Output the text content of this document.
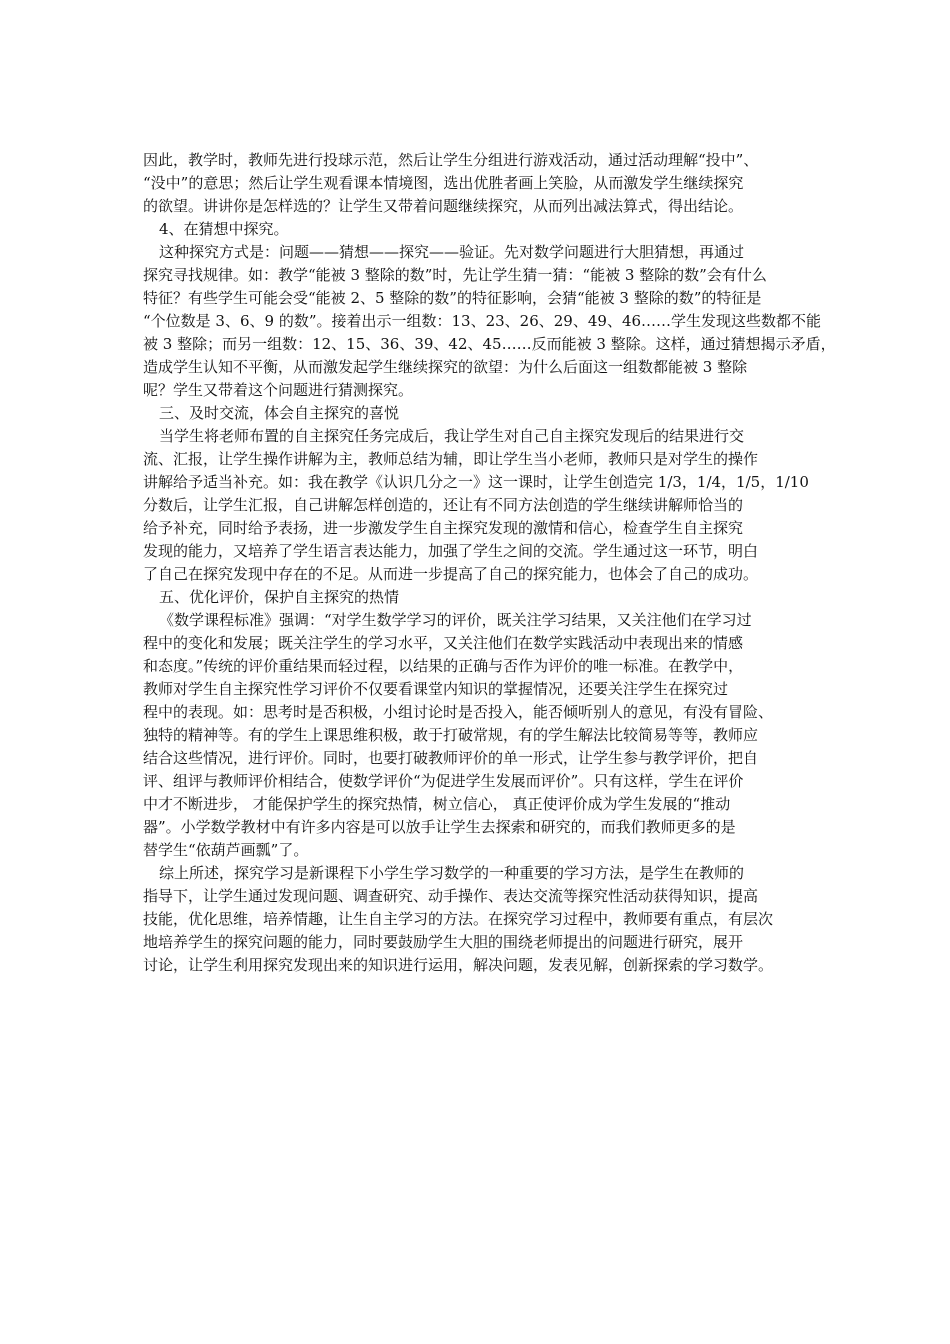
因此，教学时，教师先进行投球示范，然后让学生分组进行游戏活动，通过活动理解“投中”、
“没中”的意思；然后让学生观看课本情境图，选出优胜者画上笑脸，从而激发学生继续探究
的欲望。讲讲你是怎样选的？让学生又带着问题继续探究，从而列出减法算式，得出结论。
4、在猜想中探究。
这种探究方式是：问题——猜想——探究——验证。先对数学问题进行大胆猜想，再通过
探究寻找规律。如：教学“能被 3 整除的数”时，先让学生猜一猜：“能被 3 整除的数”会有什么
特征？有些学生可能会受“能被 2、5 整除的数”的特征影响，会猜“能被 3 整除的数”的特征是
“个位数是 3、6、9 的数”。接着出示一组数：13、23、26、29、49、46……学生发现这些数都不能
被 3 整除；而另一组数：12、15、36、39、42、45……反而能被 3 整除。这样，通过猜想揭示矛盾，
造成学生认知不平衡，从而激发起学生继续探究的欲望：为什么后面这一组数都能被 3 整除
呢？学生又带着这个问题进行猜测探究。
三、及时交流，体会自主探究的喜悦
当学生将老师布置的自主探究任务完成后，我让学生对自己自主探究发现后的结果进行交
流、汇报，让学生操作讲解为主，教师总结为辅，即让学生当小老师，教师只是对学生的操作
讲解给予适当补充。如：我在教学《认识几分之一》这一课时，让学生创造完 1/3，1/4，1/5，1/10
分数后，让学生汇报，自己讲解怎样创造的，还让有不同方法创造的学生继续讲解师恰当的
给予补充，同时给予表扬，进一步激发学生自主探究发现的激情和信心，检查学生自主探究
发现的能力，又培养了学生语言表达能力，加强了学生之间的交流。学生通过这一环节，明白
了自己在探究发现中存在的不足。从而进一步提高了自己的探究能力，也体会了自己的成功。
五、优化评价，保护自主探究的热情
《数学课程标准》强调：“对学生数学学习的评价，既关注学习结果，又关注他们在学习过
程中的变化和发展；既关注学生的学习水平，又关注他们在数学实践活动中表现出来的情感
和态度。”传统的评价重结果而轻过程，以结果的正确与否作为评价的唯一标准。在教学中，
教师对学生自主探究性学习评价不仅要看课堂内知识的掌握情况，还要关注学生在探究过
程中的表现。如：思考时是否积极，小组讨论时是否投入，能否倾听别人的意见，有没有冒险、
独特的精神等。有的学生上课思维积极，敢于打破常规，有的学生解法比较简易等等，教师应
结合这些情况，进行评价。同时，也要打破教师评价的单一形式，让学生参与教学评价，把自
评、组评与教师评价相结合，使数学评价“为促进学生发展而评价”。只有这样，学生在评价
中才不断进步， 才能保护学生的探究热情，树立信心， 真正使评价成为学生发展的“推动
器”。小学数学教材中有许多内容是可以放手让学生去探索和研究的，而我们教师更多的是
替学生“依葫芦画瓢”了。
综上所述，探究学习是新课程下小学生学习数学的一种重要的学习方法，是学生在教师的
指导下，让学生通过发现问题、调查研究、动手操作、表达交流等探究性活动获得知识，提高
技能，优化思维，培养情趣，让生自主学习的方法。在探究学习过程中，教师要有重点，有层次
地培养学生的探究问题的能力，同时要鼓励学生大胆的围绕老师提出的问题进行研究，展开
讨论，让学生利用探究发现出来的知识进行运用，解决问题，发表见解，创新探索的学习数学。
